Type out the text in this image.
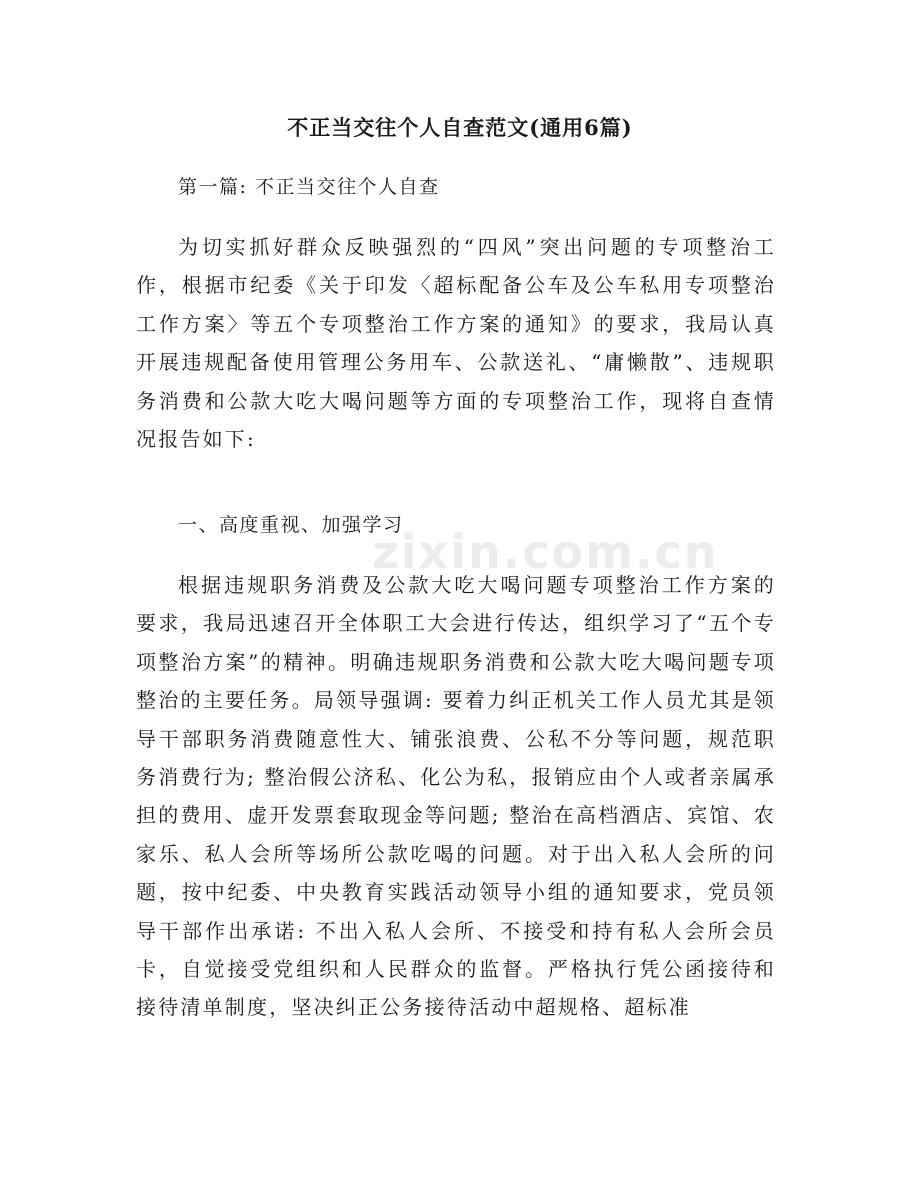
不正当交往个人自查范文(通用6篇)

第一篇: 不正当交往个人自查

为切实抓好群众反映强烈的“四风”突出问题的专项整治工作，根据市纪委《关于印发〈超标配备公车及公车私用专项整治工作方案〉等五个专项整治工作方案的通知》的要求，我局认真开展违规配备使用管理公务用车、公款送礼、“庸懒散”、违规职务消费和公款大吃大喝问题等方面的专项整治工作，现将自查情况报告如下:

一、高度重视、加强学习

根据违规职务消费及公款大吃大喝问题专项整治工作方案的要求，我局迅速召开全体职工大会进行传达，组织学习了“五个专项整治方案”的精神。明确违规职务消费和公款大吃大喝问题专项整治的主要任务。局领导强调: 要着力纠正机关工作人员尤其是领导干部职务消费随意性大、铺张浪费、公私不分等问题，规范职务消费行为; 整治假公济私、化公为私，报销应由个人或者亲属承担的费用、虚开发票套取现金等问题; 整治在高档酒店、宾馆、农家乐、私人会所等场所公款吃喝的问题。对于出入私人会所的问题，按中纪委、中央教育实践活动领导小组的通知要求，党员领导干部作出承诺: 不出入私人会所、不接受和持有私人会所会员卡，自觉接受党组织和人民群众的监督。严格执行凭公函接待和接待清单制度，坚决纠正公务接待活动中超规格、超标准

zixin.com.cn
